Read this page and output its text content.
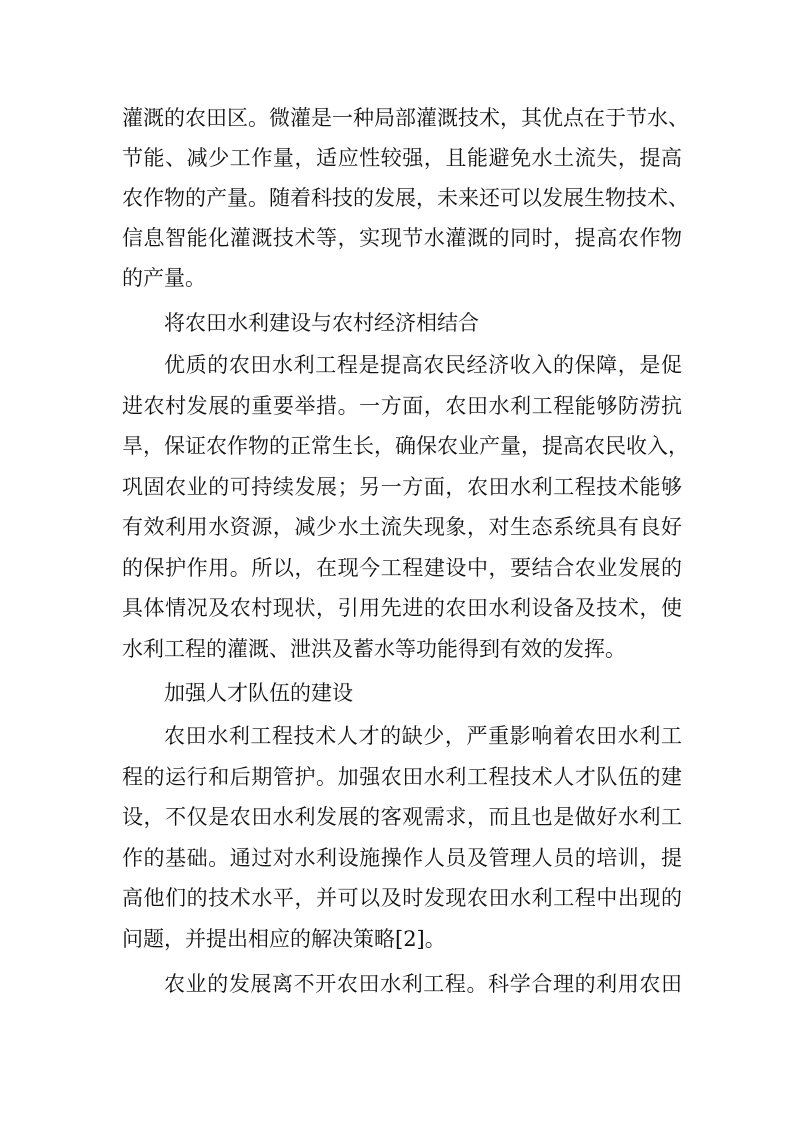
灌溉的农田区。微灌是一种局部灌溉技术，其优点在于节水、
节能、减少工作量，适应性较强，且能避免水土流失，提高
农作物的产量。随着科技的发展，未来还可以发展生物技术、
信息智能化灌溉技术等，实现节水灌溉的同时，提高农作物
的产量。
将农田水利建设与农村经济相结合
优质的农田水利工程是提高农民经济收入的保障，是促
进农村发展的重要举措。一方面，农田水利工程能够防涝抗
旱，保证农作物的正常生长，确保农业产量，提高农民收入，
巩固农业的可持续发展；另一方面，农田水利工程技术能够
有效利用水资源，减少水土流失现象，对生态系统具有良好
的保护作用。所以，在现今工程建设中，要结合农业发展的
具体情况及农村现状，引用先进的农田水利设备及技术，使
水利工程的灌溉、泄洪及蓄水等功能得到有效的发挥。
加强人才队伍的建设
农田水利工程技术人才的缺少，严重影响着农田水利工
程的运行和后期管护。加强农田水利工程技术人才队伍的建
设，不仅是农田水利发展的客观需求，而且也是做好水利工
作的基础。通过对水利设施操作人员及管理人员的培训，提
高他们的技术水平，并可以及时发现农田水利工程中出现的
问题，并提出相应的解决策略[2]。
农业的发展离不开农田水利工程。科学合理的利用农田
